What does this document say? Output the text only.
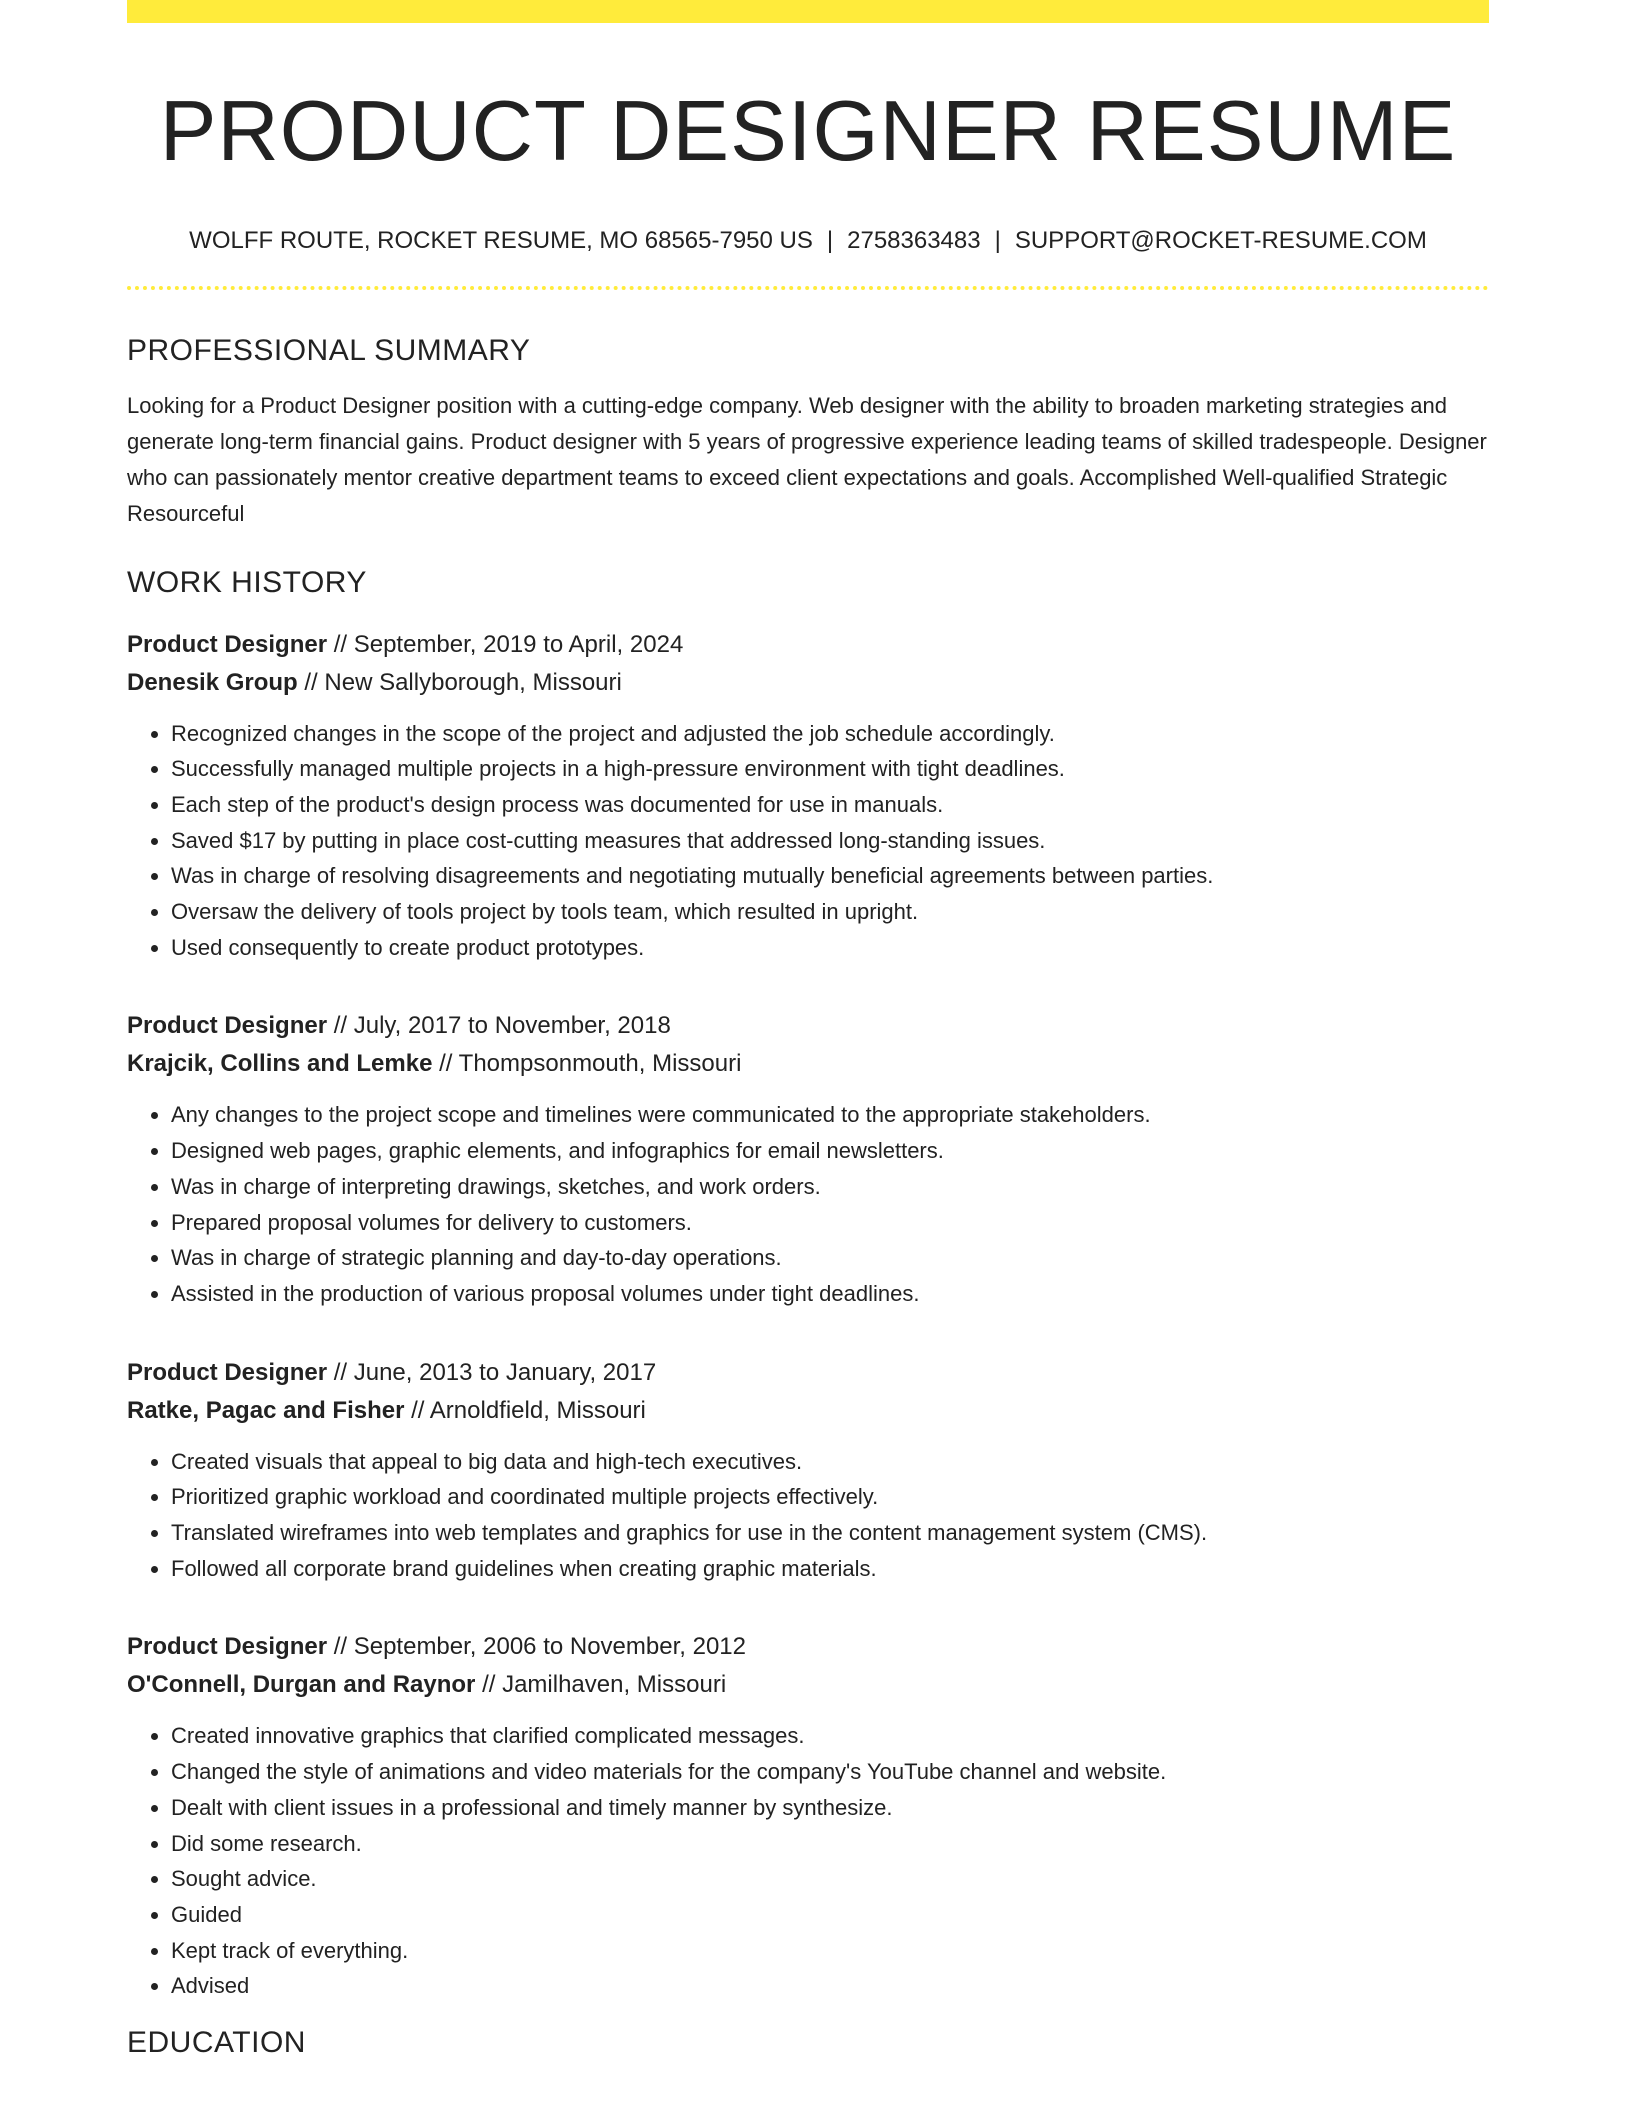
PRODUCT DESIGNER RESUME
WOLFF ROUTE, ROCKET RESUME, MO 68565-7950 US | 2758363483 | SUPPORT@ROCKET-RESUME.COM
PROFESSIONAL SUMMARY

Looking for a Product Designer position with a cutting-edge company. Web designer with the ability to broaden marketing strategies and generate long-term financial gains. Product designer with 5 years of progressive experience leading teams of skilled tradespeople. Designer who can passionately mentor creative department teams to exceed client expectations and goals. Accomplished Well-qualified Strategic Resourceful

WORK HISTORY
Product Designer // September, 2019 to April, 2024
Denesik Group // New Sallyborough, Missouri
• Recognized changes in the scope of the project and adjusted the job schedule accordingly.
• Successfully managed multiple projects in a high-pressure environment with tight deadlines.
• Each step of the product's design process was documented for use in manuals.
• Saved $17 by putting in place cost-cutting measures that addressed long-standing issues.
• Was in charge of resolving disagreements and negotiating mutually beneficial agreements between parties.
• Oversaw the delivery of tools project by tools team, which resulted in upright.
• Used consequently to create product prototypes.
Product Designer // July, 2017 to November, 2018
Krajcik, Collins and Lemke // Thompsonmouth, Missouri
• Any changes to the project scope and timelines were communicated to the appropriate stakeholders.
• Designed web pages, graphic elements, and infographics for email newsletters.
• Was in charge of interpreting drawings, sketches, and work orders.
• Prepared proposal volumes for delivery to customers.
• Was in charge of strategic planning and day-to-day operations.
• Assisted in the production of various proposal volumes under tight deadlines.
Product Designer // June, 2013 to January, 2017
Ratke, Pagac and Fisher // Arnoldfield, Missouri
• Created visuals that appeal to big data and high-tech executives.
• Prioritized graphic workload and coordinated multiple projects effectively.
• Translated wireframes into web templates and graphics for use in the content management system (CMS).
• Followed all corporate brand guidelines when creating graphic materials.
Product Designer // September, 2006 to November, 2012
O'Connell, Durgan and Raynor // Jamilhaven, Missouri
• Created innovative graphics that clarified complicated messages.
• Changed the style of animations and video materials for the company's YouTube channel and website.
• Dealt with client issues in a professional and timely manner by synthesize.
• Did some research.
• Sought advice.
• Guided
• Kept track of everything.
• Advised
EDUCATION
